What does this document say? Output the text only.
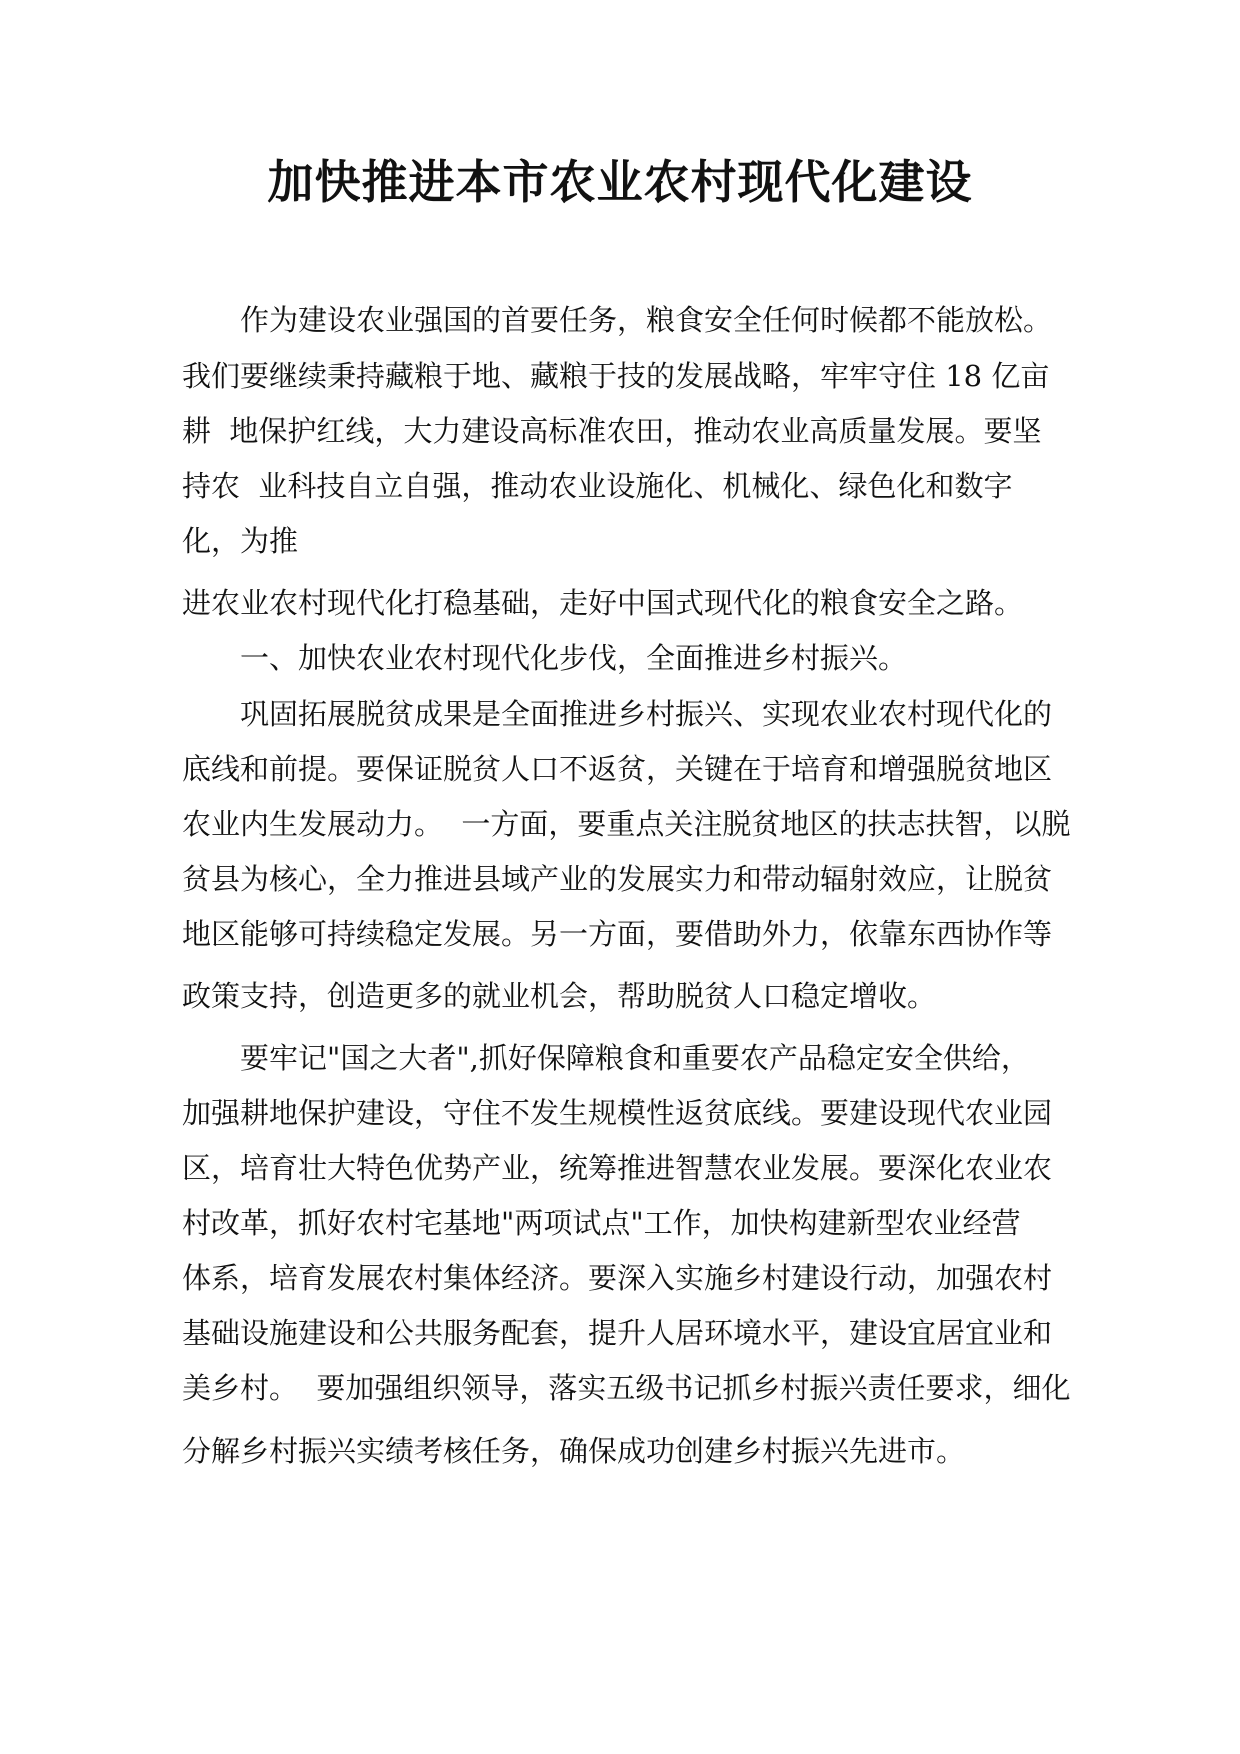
加快推进本市农业农村现代化建设

作为建设农业强国的首要任务，粮食安全任何时候都不能放松。

我们要继续秉持藏粮于地、藏粮于技的发展战略，牢牢守住 18 亿亩

耕  地保护红线，大力建设高标准农田，推动农业高质量发展。要坚

持农  业科技自立自强，推动农业设施化、机械化、绿色化和数字

化，为推

进农业农村现代化打稳基础，走好中国式现代化的粮食安全之路。

一、加快农业农村现代化步伐，全面推进乡村振兴。

巩固拓展脱贫成果是全面推进乡村振兴、实现农业农村现代化的

底线和前提。要保证脱贫人口不返贫，关键在于培育和增强脱贫地区

农业内生发展动力。  一方面，要重点关注脱贫地区的扶志扶智，以脱

贫县为核心，全力推进县域产业的发展实力和带动辐射效应，让脱贫

地区能够可持续稳定发展。另一方面，要借助外力，依靠东西协作等

政策支持，创造更多的就业机会，帮助脱贫人口稳定增收。

要牢记"国之大者",抓好保障粮食和重要农产品稳定安全供给，

加强耕地保护建设，守住不发生规模性返贫底线。要建设现代农业园

区，培育壮大特色优势产业，统筹推进智慧农业发展。要深化农业农

村改革，抓好农村宅基地"两项试点"工作，加快构建新型农业经营

体系，培育发展农村集体经济。要深入实施乡村建设行动，加强农村

基础设施建设和公共服务配套，提升人居环境水平，建设宜居宜业和

美乡村。  要加强组织领导，落实五级书记抓乡村振兴责任要求，细化

分解乡村振兴实绩考核任务，确保成功创建乡村振兴先进市。
